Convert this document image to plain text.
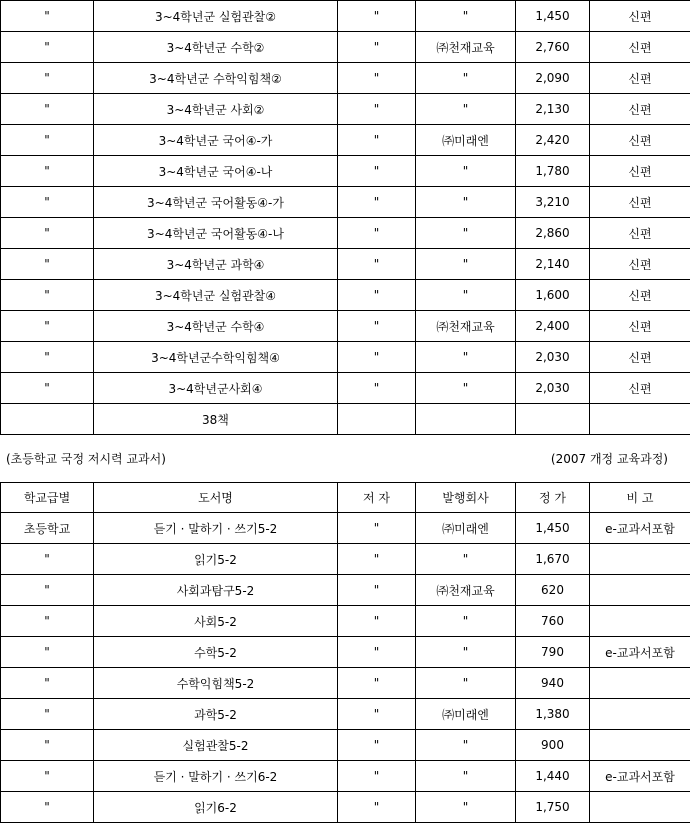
"	3~4학년군 실험관찰②	"	"	1,450	신편
"	3~4학년군 수학②	"	㈜천재교육	2,760	신편
"	3~4학년군 수학익힘책②	"	"	2,090	신편
"	3~4학년군 사회②	"	"	2,130	신편
"	3~4학년군 국어④-가	"	㈜미래엔	2,420	신편
"	3~4학년군 국어④-나	"	"	1,780	신편
"	3~4학년군 국어활동④-가	"	"	3,210	신편
"	3~4학년군 국어활동④-나	"	"	2,860	신편
"	3~4학년군 과학④	"	"	2,140	신편
"	3~4학년군 실험관찰④	"	"	1,600	신편
"	3~4학년군 수학④	"	㈜천재교육	2,400	신편
"	3~4학년군수학익힘책④	"	"	2,030	신편
"	3~4학년군사회④	"	"	2,030	신편
	38책				
(초등학교 국정 저시력 교과서)	(2007 개정 교육과정)
학교급별	도서명	저 자	발행회사	정 가	비 고
초등학교	듣기 · 말하기 · 쓰기5-2	"	㈜미래엔	1,450	e-교과서포함
"	읽기5-2	"	"	1,670	
"	사회과탐구5-2	"	㈜천재교육	620	
"	사회5-2	"	"	760	
"	수학5-2	"	"	790	e-교과서포함
"	수학익힘책5-2	"	"	940	
"	과학5-2	"	㈜미래엔	1,380	
"	실험관찰5-2	"	"	900	
"	듣기 · 말하기 · 쓰기6-2	"	"	1,440	e-교과서포함
"	읽기6-2	"	"	1,750	
